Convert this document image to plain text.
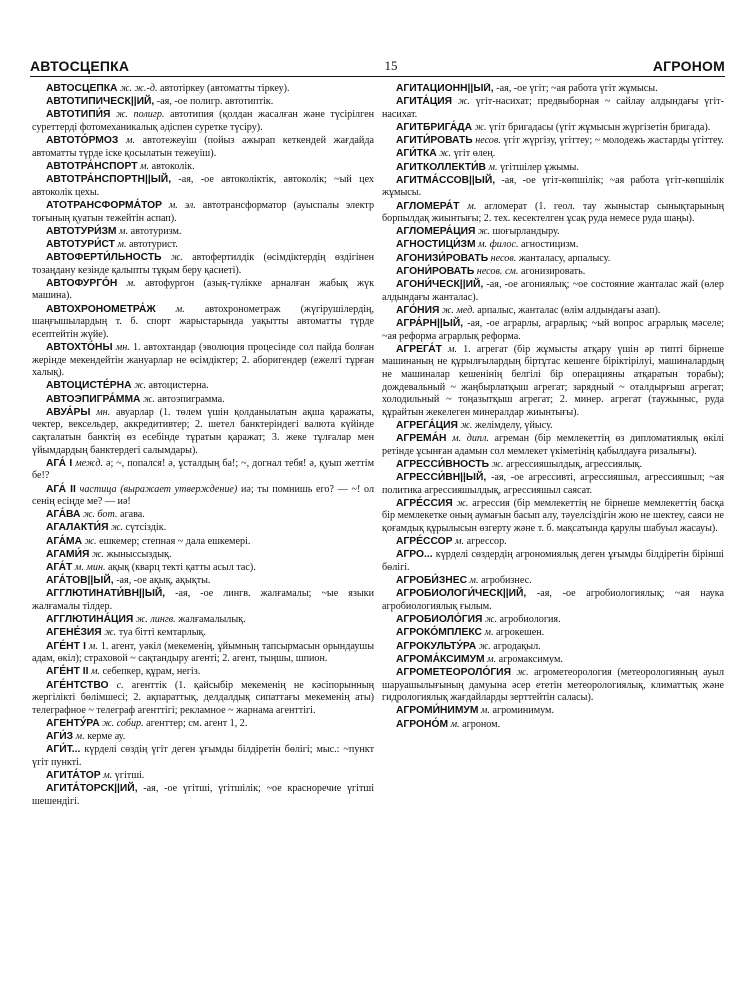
АВТОСЦЕПКА	15	АГРОНОМ

АВТОСЦЕ́ПКА ж. ж.-д. автотіркеу (автоматты тіркеу).

АВТОТИПИЧЕСК||ИЙ, -ая, -ое полигр. автотиптік.

АВТОТИПИ́Я ж. полигр. автотипия (қолдан жасалған және түсірілген суреттерді фотомеханикалық әдіспен суретке түсіру).

АВТОТО́РМОЗ м. автотежеуіш (пойыз ажырап кеткендей жағдайда автоматты түрде іске қосылатын тежеуіш).

АВТОТРА́НСПОРТ м. автоколік.

АВТОТРА́НСПОРТН||ЫЙ, -ая, -ое автоколіктік, автоколік; ~ый цех автоколік цехы.

АТОТРАНСФОРМА́ТОР м. эл. автотрансформатор (ауыспалы электр тоғының қуатын тежейтін аспап).

АВТОТУРИ́ЗМ м. автотуризм.

АВТОТУРИ́СТ м. автотурист.

АВТОФЕРТИ́ЛЬНОСТЬ ж. автофертилдік (өсімдіктердің өздігінен тозаңдану кезінде қалыпты тұқым беру қасиеті).

АВТОФУРГО́Н м. автофургон (азық-түлікке арналған жабық жүк машина).

АВТОХРОНОМЕТРА́Ж м. автохронометраж (жүгірушілердің, шаңғышылардың т. б. спорт жарыстарында уақытты автоматты түрде есептейтін жүйе).

АВТОХТО́НЫ мн. 1. автохтандар (эволюция процесінде сол пайда болған жерінде мекендейтін жануарлар не өсімдіктер; 2. аборигендер (ежелгі тұрған халық).

АВТОЦИСТЕ́РНА ж. автоцистерна.

АВТОЭПИГРА́ММА ж. автоэпиграмма.

АВУА́РЫ мн. авуарлар (1. төлем үшін қолданылатын ақша қаражаты, чектер, вексельдер, аккредитивтер; 2. шетел банктеріндегі валюта күйінде сақталатын банктің өз есебінде тұратын қаражат; 3. жеке тұлғалар мен үйымдардың банктердегі салымдары).

АГА́ I межд. ә; ~, попался! ә, ұсталдың ба!; ~, догнал тебя! ә, қуып жеттім бе!?

АГА́ II частица (выражает утверждение) иә; ты помнишь его? — ~! ол сенің есіңде ме? — иә!

АГА́ВА ж. бот. агава.

АГАЛАКТИ́Я ж. сүтсіздік.

АГА́МА ж. ешкемер; степная ~ дала ешкемері.

АГАМИ́Я ж. жыныссыздық.

АГА́Т м. мин. ақық (кварц текті қатты асыл тас).

АГА́ТОВ||ЫЙ, -ая, -ое ақық, ақықты.

АГГЛЮТИНАТИ́ВН||ЫЙ, -ая, -ое лингв. жалғамалы; ~ые языки жалғамалы тілдер.

АГГЛЮТИНА́ЦИЯ ж. лингв. жалғамалылық.

АГЕНЕ́ЗИЯ ж. туа бітті кемтарлық.

АГЕ́НТ I м. 1. агент, уәкіл (мекеменің, ұйымның тапсырмасын орындаушы адам, өкіл); страховой ~ сақтандыру агенті; 2. агент, тыңшы, шпион.

АГЕ́НТ II м. себепкер, құрам, негіз.

АГЕ́НТСТВО с. агенттік (1. қайсыбір мекеменің не кәсіпорынның жергілікті бөлімшесі; 2. ақпараттық, делдалдық сипаттағы мекеменің аты) телеграфное ~ телеграф агенттігі; рекламное ~ жарнама агенттігі.

АГЕНТУ́РА ж. собир. агенттер; см. агент 1, 2.

АГИ́З м. керме ау.

АГИ́Т... күрделі сөздің үгіт деген ұғымды білдіретін бөлігі; мыс.: ~пункт үгіт пункті.

АГИТА́ТОР м. үгітші.

АГИТА́ТОРСК||ИЙ, -ая, -ое үгітші, үгітшілік; ~ое красноречие үгітші шешендігі.

АГИТАЦИО́НН||ЫЙ, -ая, -ое үгіт; ~ая работа үгіт жұмысы.

АГИТА́ЦИЯ ж. үгіт-насихат; предвыборная ~ сайлау алдындағы үгіт-насихат.

АГИТБРИГА́ДА ж. үгіт бригадасы (үгіт жұмысын жүргізетін бригада).

АГИТИ́РОВАТЬ несов. үгіт жүргізу, үгіттеу; ~ молодежь жастарды үгіттеу.

АГИ́ТКА ж. үгіт өлең.

АГИТКОЛЛЕКТИ́В м. үгітшілер ұжымы.

АГИТМА́ССОВ||ЫЙ, -ая, -ое үгіт-көпшілік; ~ая работа үгіт-көпшілік жұмысы.

АГЛОМЕРА́Т м. агломерат (1. геол. тау жыныстар сынықтарының борпылдақ жиынтығы; 2. тех. кесектелген ұсақ руда немесе руда шаңы).

АГЛОМЕРА́ЦИЯ ж. шоғырландыру.

АГНОСТИЦИ́ЗМ м. филос. агностицизм.

АГОНИЗИ́РОВАТЬ несов. жанталасу, арпалысу.

АГОНИ́РОВАТЬ несов. см. агонизировать.

АГОНИ́ЧЕСК||ИЙ, -ая, -ое агониялық; ~ое состояние жанталас жай (өлер алдындағы жанталас).

АГО́НИЯ ж. мед. арпалыс, жанталас (өлім алдындағы азап).

АГРА́РН||ЫЙ, -ая, -ое аграрлы, аграрлық; ~ый вопрос аграрлық мәселе; ~ая реформа аграрлық реформа.

АГРЕГА́Т м. 1. агрегат (бір жұмысты атқару үшін әр типті бірнеше машинаның не құрылғылардың біртұтас кешенге біріктірілуі, машиналардың не машиналар кешенінің белгілі бір операцияны атқаратын торабы); дождевальный ~ жаңбырлатқыш агрегат; зарядный ~ оталдырғыш агрегат; холодильный ~ тоңазытқыш агрегат; 2. минер. агрегат (таужыныс, руда құрайтын жекелеген минералдар жиынтығы).

АГРЕГА́ЦИЯ ж. желімделу, үйысу.

АГРЕМА́Н м. дипл. агреман (бір мемлекеттің өз дипломатиялық өкілі ретінде ұсынған адамын сол мемлекет үкіметінің қабылдауға ризалығы).

АГРЕССИ́ВНОСТЬ ж. агрессияшылдық, агрессиялық.

АГРЕССИ́ВН||ЫЙ, -ая, -ое агрессивті, агрессияшыл, агрессияшыл; ~ая политика агрессияшылдық, агрессияшыл саясат.

АГРЕ́ССИЯ ж. агрессия (бір мемлекеттің не бірнеше мемлекеттің басқа бір мемлекетке оның аумағын басып алу, тәуелсіздігін жою не шектеу, саяси не қоғамдық құрылысын өзгерту және т. б. мақсатында қарулы шабуыл жасауы).

АГРЕ́ССОР м. агрессор.

АГРО... күрделі сөздердің агрономиялық деген ұғымды білдіретін бірінші бөлігі.

АГРОБИ́ЗНЕС м. агробизнес.

АГРОБИОЛОГИ́ЧЕСК||ИЙ, -ая, -ое агробиологиялық; ~ая наука агробиологиялық ғылым.

АГРОБИОЛО́ГИЯ ж. агробиология.

АГРОКО́МПЛЕКС м. агрокешен.

АГРОКУЛЬТУ́РА ж. агродақыл.

АГРОМА́КСИМУМ м. агромаксимум.

АГРОМЕТЕОРОЛО́ГИЯ ж. агрометеорология (метеорологияның ауыл шаруашылығының дамуына әсер ететін метеорологиялық, климаттық және гидрологиялық жағдайларды зерттейтін саласы).

АГРОМИ́НИМУМ м. агроминимум.

АГРОНО́М м. агроном.
